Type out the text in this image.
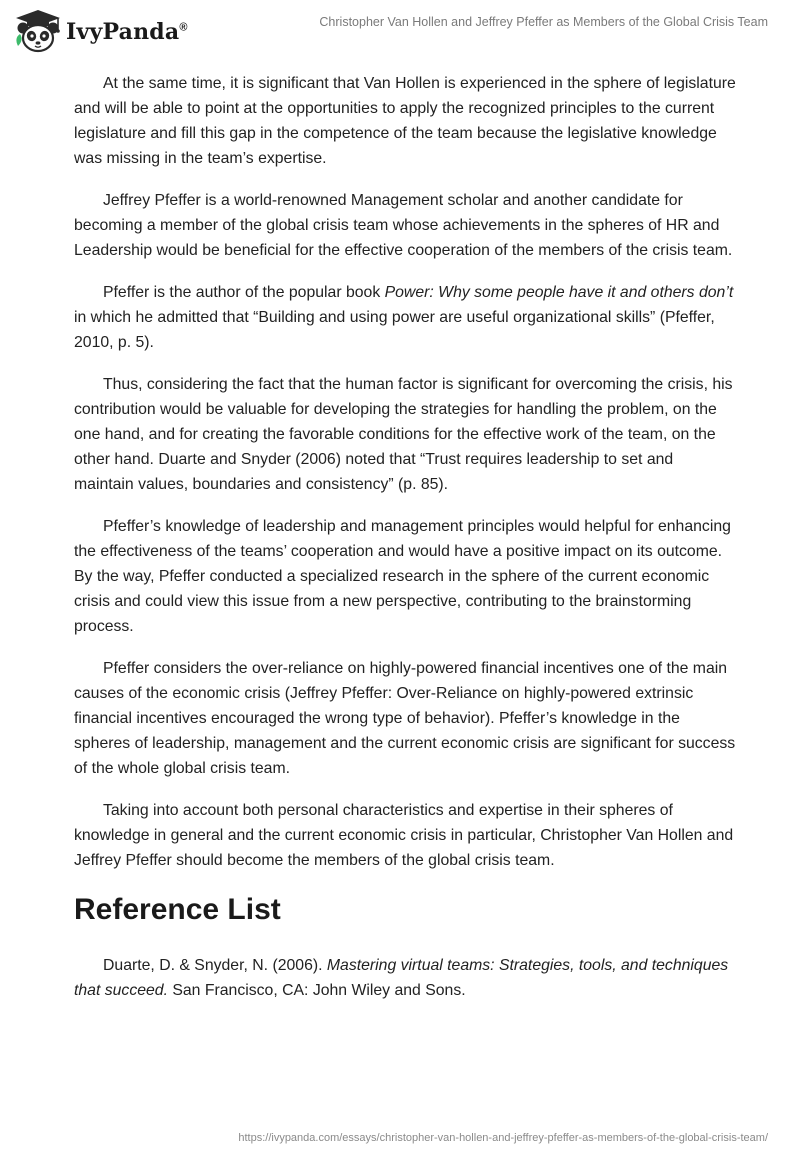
IvyPanda®	Christopher Van Hollen and Jeffrey Pfeffer as Members of the Global Crisis Team

At the same time, it is significant that Van Hollen is experienced in the sphere of legislature and will be able to point at the opportunities to apply the recognized principles to the current legislature and fill this gap in the competence of the team because the legislative knowledge was missing in the team’s expertise.

Jeffrey Pfeffer is a world-renowned Management scholar and another candidate for becoming a member of the global crisis team whose achievements in the spheres of HR and Leadership would be beneficial for the effective cooperation of the members of the crisis team.

Pfeffer is the author of the popular book Power: Why some people have it and others don’t in which he admitted that “Building and using power are useful organizational skills” (Pfeffer, 2010, p. 5).

Thus, considering the fact that the human factor is significant for overcoming the crisis, his contribution would be valuable for developing the strategies for handling the problem, on the one hand, and for creating the favorable conditions for the effective work of the team, on the other hand. Duarte and Snyder (2006) noted that “Trust requires leadership to set and maintain values, boundaries and consistency” (p. 85).

Pfeffer’s knowledge of leadership and management principles would helpful for enhancing the effectiveness of the teams’ cooperation and would have a positive impact on its outcome. By the way, Pfeffer conducted a specialized research in the sphere of the current economic crisis and could view this issue from a new perspective, contributing to the brainstorming process.

Pfeffer considers the over-reliance on highly-powered financial incentives one of the main causes of the economic crisis (Jeffrey Pfeffer: Over-Reliance on highly-powered extrinsic financial incentives encouraged the wrong type of behavior). Pfeffer’s knowledge in the spheres of leadership, management and the current economic crisis are significant for success of the whole global crisis team.

Taking into account both personal characteristics and expertise in their spheres of knowledge in general and the current economic crisis in particular, Christopher Van Hollen and Jeffrey Pfeffer should become the members of the global crisis team.

Reference List

Duarte, D. & Snyder, N. (2006). Mastering virtual teams: Strategies, tools, and techniques that succeed. San Francisco, CA: John Wiley and Sons.

https://ivypanda.com/essays/christopher-van-hollen-and-jeffrey-pfeffer-as-members-of-the-global-crisis-team/
